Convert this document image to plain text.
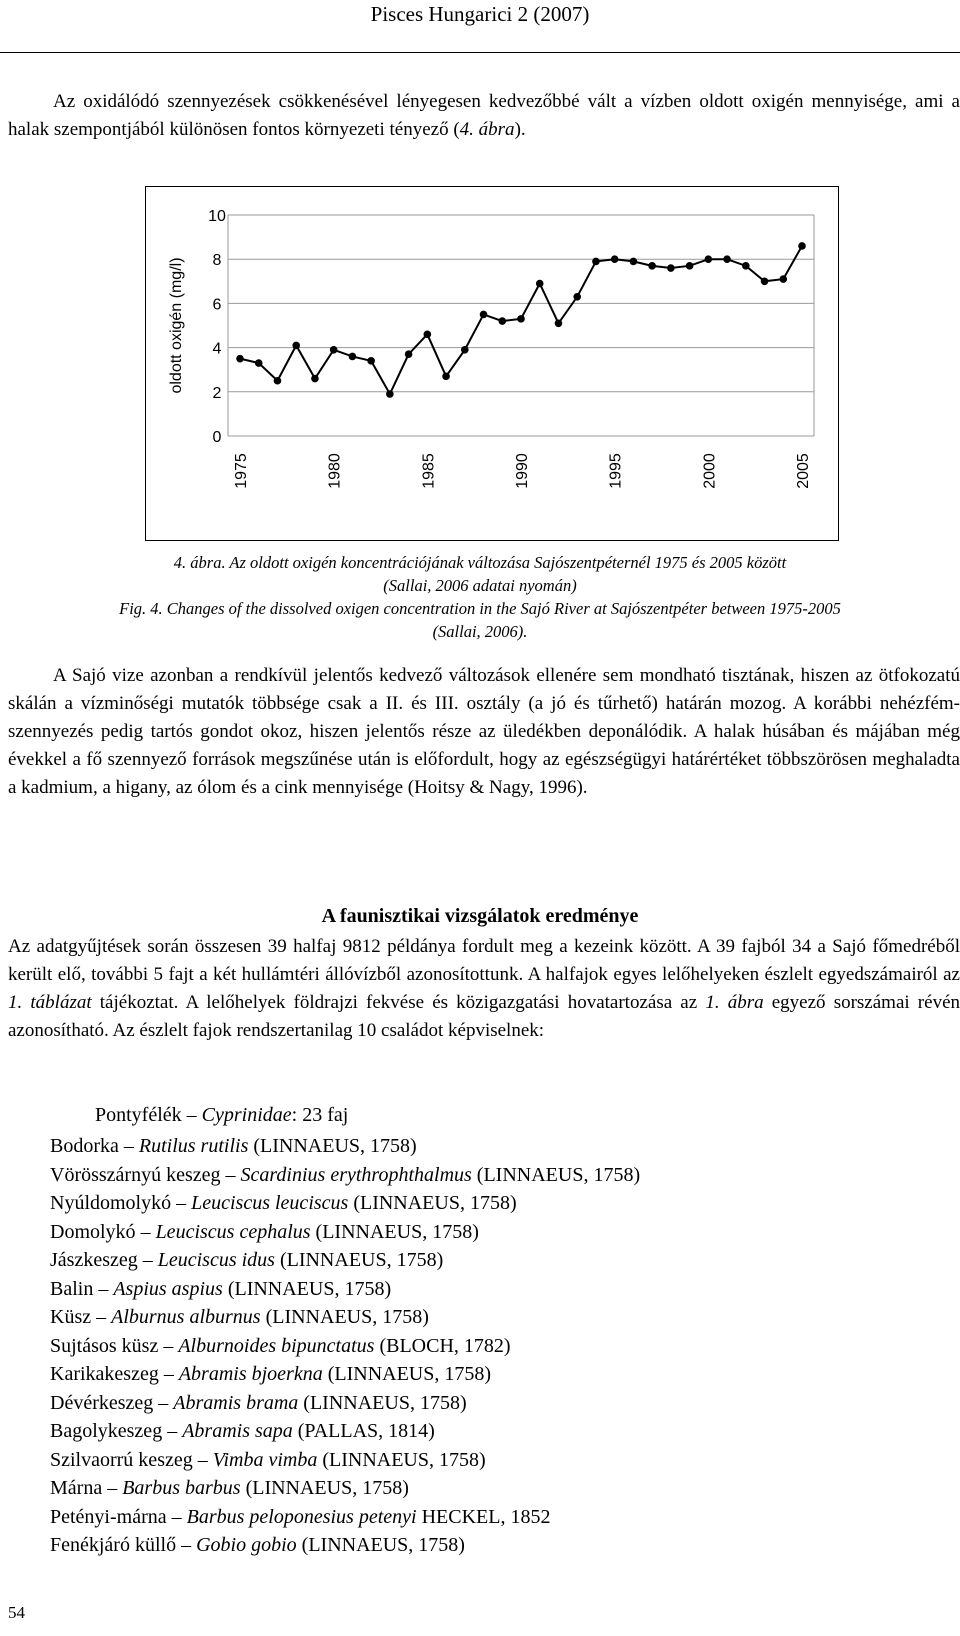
Pisces Hungarici 2 (2007)

Az oxidálódó szennyezések csökkenésével lényegesen kedvezőbbé vált a vízben oldott oxigén mennyisége, ami a halak szempontjából különösen fontos környezeti tényező (4. ábra).

0
2
4
6
8
10
oldott oxigén (mg/l)
1975	1980	1985	1990	1995	2000	2005
4. ábra. Az oldott oxigén koncentrációjának változása Sajószentpéternél 1975 és 2005 között
(Sallai, 2006 adatai nyomán)
Fig. 4. Changes of the dissolved oxigen concentration in the Sajó River at Sajószentpéter between 1975-2005
(Sallai, 2006).

A Sajó vize azonban a rendkívül jelentős kedvező változások ellenére sem mondható tisztának, hiszen az ötfokozatú skálán a vízminőségi mutatók többsége csak a II. és III. osztály (a jó és tűrhető) határán mozog. A korábbi nehézfém-szennyezés pedig tartós gondot okoz, hiszen jelentős része az üledékben deponálódik. A halak húsában és májában még évekkel a fő szennyező források megszűnése után is előfordult, hogy az egészségügyi határértéket többszörösen meghaladta a kadmium, a higany, az ólom és a cink mennyisége (Hoitsy & Nagy, 1996).

A faunisztikai vizsgálatok eredménye

Az adatgyűjtések során összesen 39 halfaj 9812 példánya fordult meg a kezeink között. A 39 fajból 34 a Sajó főmedréből került elő, további 5 fajt a két hullámtéri állóvízből azonosítottunk. A halfajok egyes lelőhelyeken észlelt egyedszámairól az 1. táblázat tájékoztat. A lelőhelyek földrajzi fekvése és közigazgatási hovatartozása az 1. ábra egyező sorszámai révén azonosítható. Az észlelt fajok rendszertanilag 10 családot képviselnek:

Pontyfélék – Cyprinidae: 23 faj
Bodorka – Rutilus rutilis (LINNAEUS, 1758)
Vörösszárnyú keszeg – Scardinius erythrophthalmus (LINNAEUS, 1758)
Nyúldomolykó – Leuciscus leuciscus (LINNAEUS, 1758)
Domolykó – Leuciscus cephalus (LINNAEUS, 1758)
Jászkeszeg – Leuciscus idus (LINNAEUS, 1758)
Balin – Aspius aspius (LINNAEUS, 1758)
Küsz – Alburnus alburnus (LINNAEUS, 1758)
Sujtásos küsz – Alburnoides bipunctatus (BLOCH, 1782)
Karikakeszeg – Abramis bjoerkna (LINNAEUS, 1758)
Dévérkeszeg – Abramis brama (LINNAEUS, 1758)
Bagolykeszeg – Abramis sapa (PALLAS, 1814)
Szilvaorrú keszeg – Vimba vimba (LINNAEUS, 1758)
Márna – Barbus barbus (LINNAEUS, 1758)
Petényi-márna – Barbus peloponesius petenyi HECKEL, 1852
Fenékjáró küllő – Gobio gobio (LINNAEUS, 1758)
54
